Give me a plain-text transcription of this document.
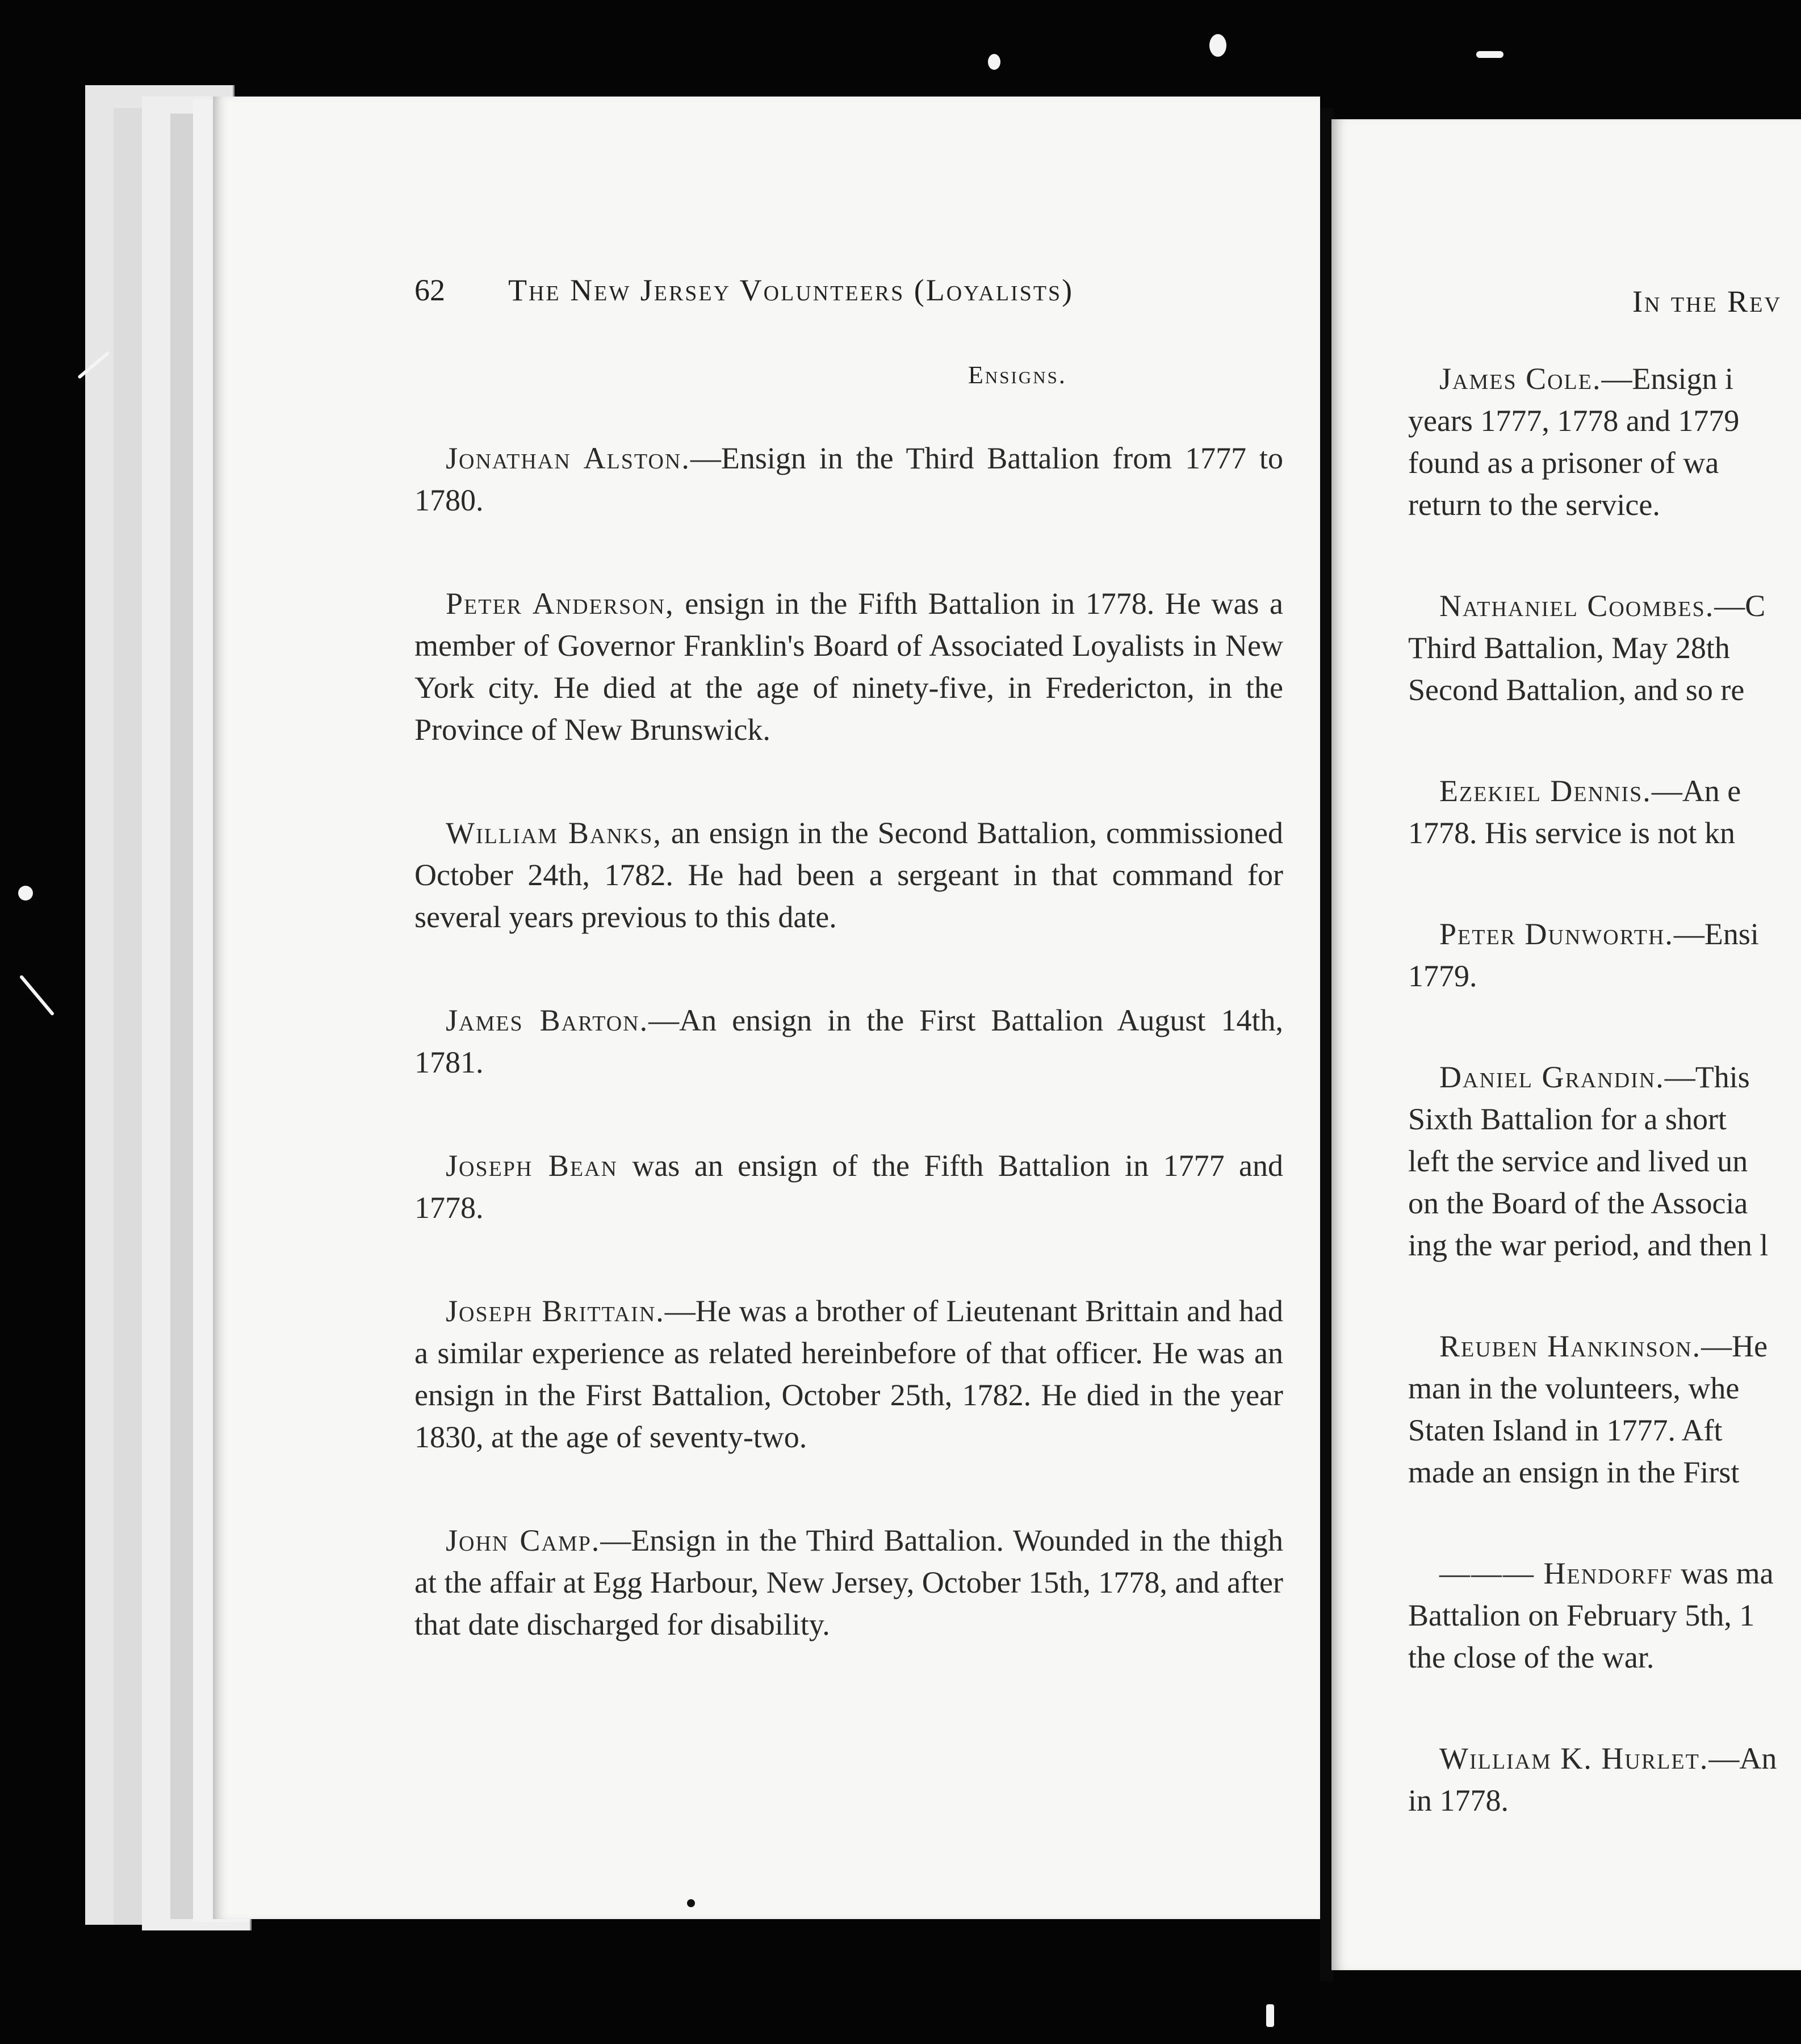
62 The New Jersey Volunteers (Loyalists)
Ensigns.

Jonathan Alston.—Ensign in the Third Battalion from 1777 to 1780.

Peter Anderson, ensign in the Fifth Battalion in 1778. He was a member of Governor Franklin's Board of Associated Loyalists in New York city. He died at the age of ninety-five, in Fredericton, in the Province of New Brunswick.

William Banks, an ensign in the Second Battalion, commissioned October 24th, 1782. He had been a sergeant in that command for several years previous to this date.

James Barton.—An ensign in the First Battalion August 14th, 1781.

Joseph Bean was an ensign of the Fifth Battalion in 1777 and 1778.

Joseph Brittain.—He was a brother of Lieutenant Brittain and had a similar experience as related hereinbefore of that officer. He was an ensign in the First Battalion, October 25th, 1782. He died in the year 1830, at the age of seventy-two.

John Camp.—Ensign in the Third Battalion. Wounded in the thigh at the affair at Egg Harbour, New Jersey, October 15th, 1778, and after that date discharged for disability.

In the Rev
James Cole.—Ensign i
years 1777, 1778 and 1779
found as a prisoner of wa
return to the service.
Nathaniel Coombes.—C
Third Battalion, May 28th
Second Battalion, and so re
Ezekiel Dennis.—An e
1778. His service is not kn
Peter Dunworth.—Ensi
1779.
Daniel Grandin.—This
Sixth Battalion for a short
left the service and lived un
on the Board of the Associa
ing the war period, and then l
Reuben Hankinson.—He
man in the volunteers, whe
Staten Island in 1777. Aft
made an ensign in the First
——— Hendorff was ma
Battalion on February 5th, 1
the close of the war.
William K. Hurlet.—An
in 1778.
